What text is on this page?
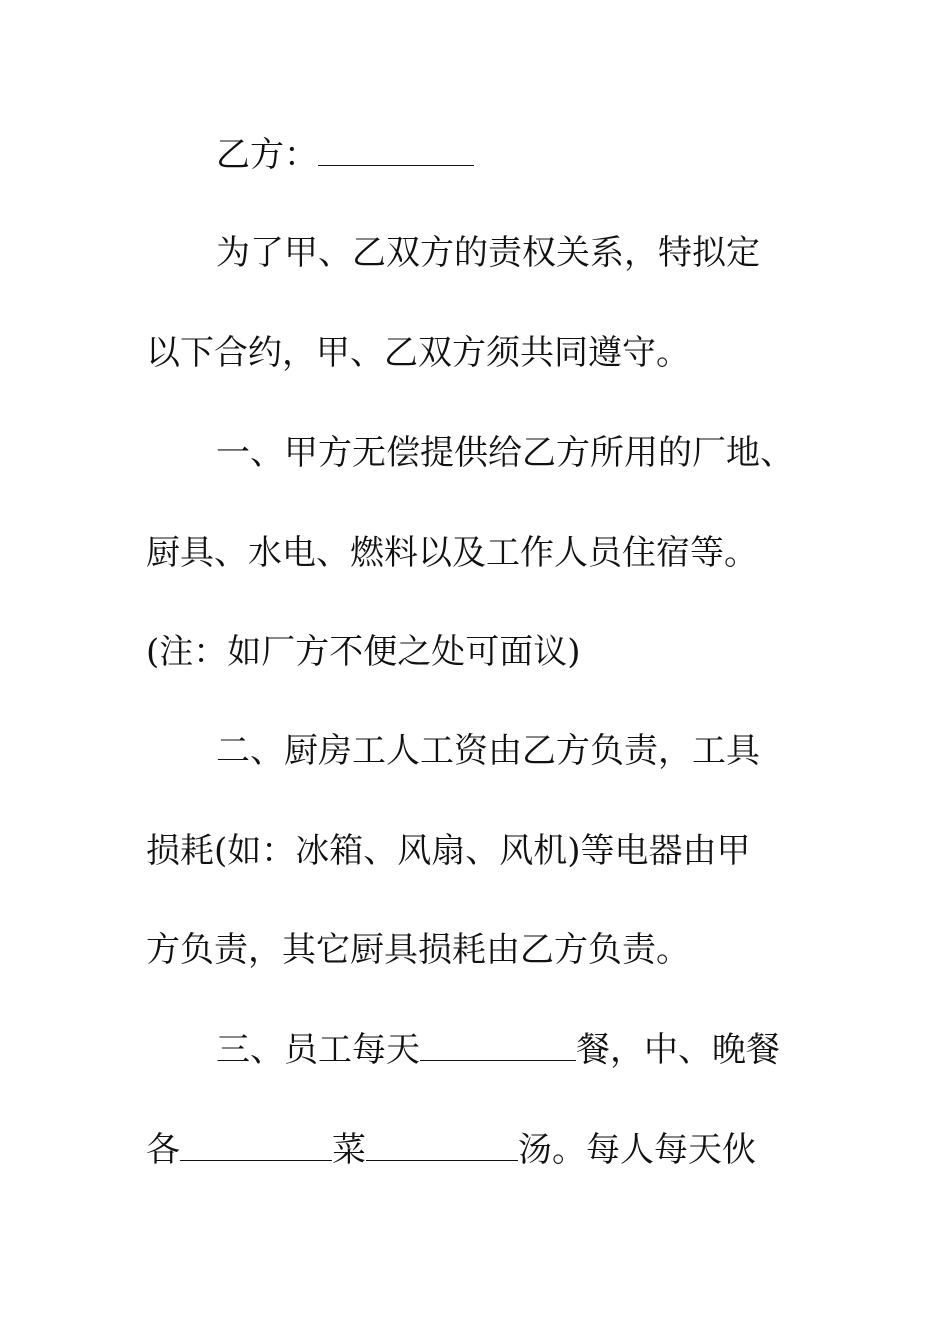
乙方：
为了甲、乙双方的责权关系，特拟定
以下合约，甲、乙双方须共同遵守。
一、甲方无偿提供给乙方所用的厂地、
厨具、水电、燃料以及工作人员住宿等。
(注：如厂方不便之处可面议)
二、厨房工人工资由乙方负责，工具
损耗(如：冰箱、风扇、风机)等电器由甲
方负责，其它厨具损耗由乙方负责。
三、员工每天	餐，中、晚餐
各	菜	汤。每人每天伙
